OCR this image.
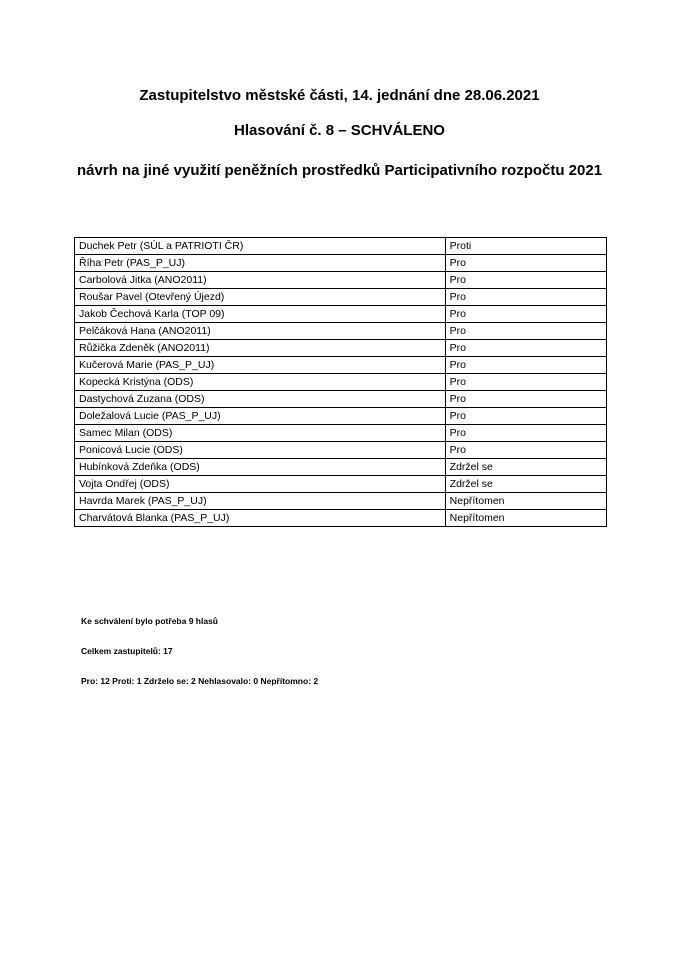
Zastupitelstvo městské části, 14. jednání dne 28.06.2021
Hlasování č. 8 – SCHVÁLENO
návrh na jiné využití peněžních prostředků Participativního rozpočtu 2021
Duchek Petr (SÚL a PATRIOTI ČR)	Proti
Říha Petr (PAS_P_UJ)	Pro
Carbolová Jitka (ANO2011)	Pro
Roušar Pavel (Otevřený Újezd)	Pro
Jakob Čechová Karla (TOP 09)	Pro
Pelčáková Hana (ANO2011)	Pro
Růžička Zdeněk (ANO2011)	Pro
Kučerová Marie (PAS_P_UJ)	Pro
Kopecká Kristýna (ODS)	Pro
Dastychová Zuzana (ODS)	Pro
Doležalová Lucie (PAS_P_UJ)	Pro
Samec Milan (ODS)	Pro
Ponicová Lucie (ODS)	Pro
Hubínková Zdeňka (ODS)	Zdržel se
Vojta Ondřej (ODS)	Zdržel se
Havrda Marek (PAS_P_UJ)	Nepřítomen
Charvátová Blanka (PAS_P_UJ)	Nepřítomen
Ke schválení bylo potřeba 9 hlasů
Celkem zastupitelů: 17
Pro: 12 Proti: 1 Zdrželo se: 2 Nehlasovalo: 0 Nepřítomno: 2
